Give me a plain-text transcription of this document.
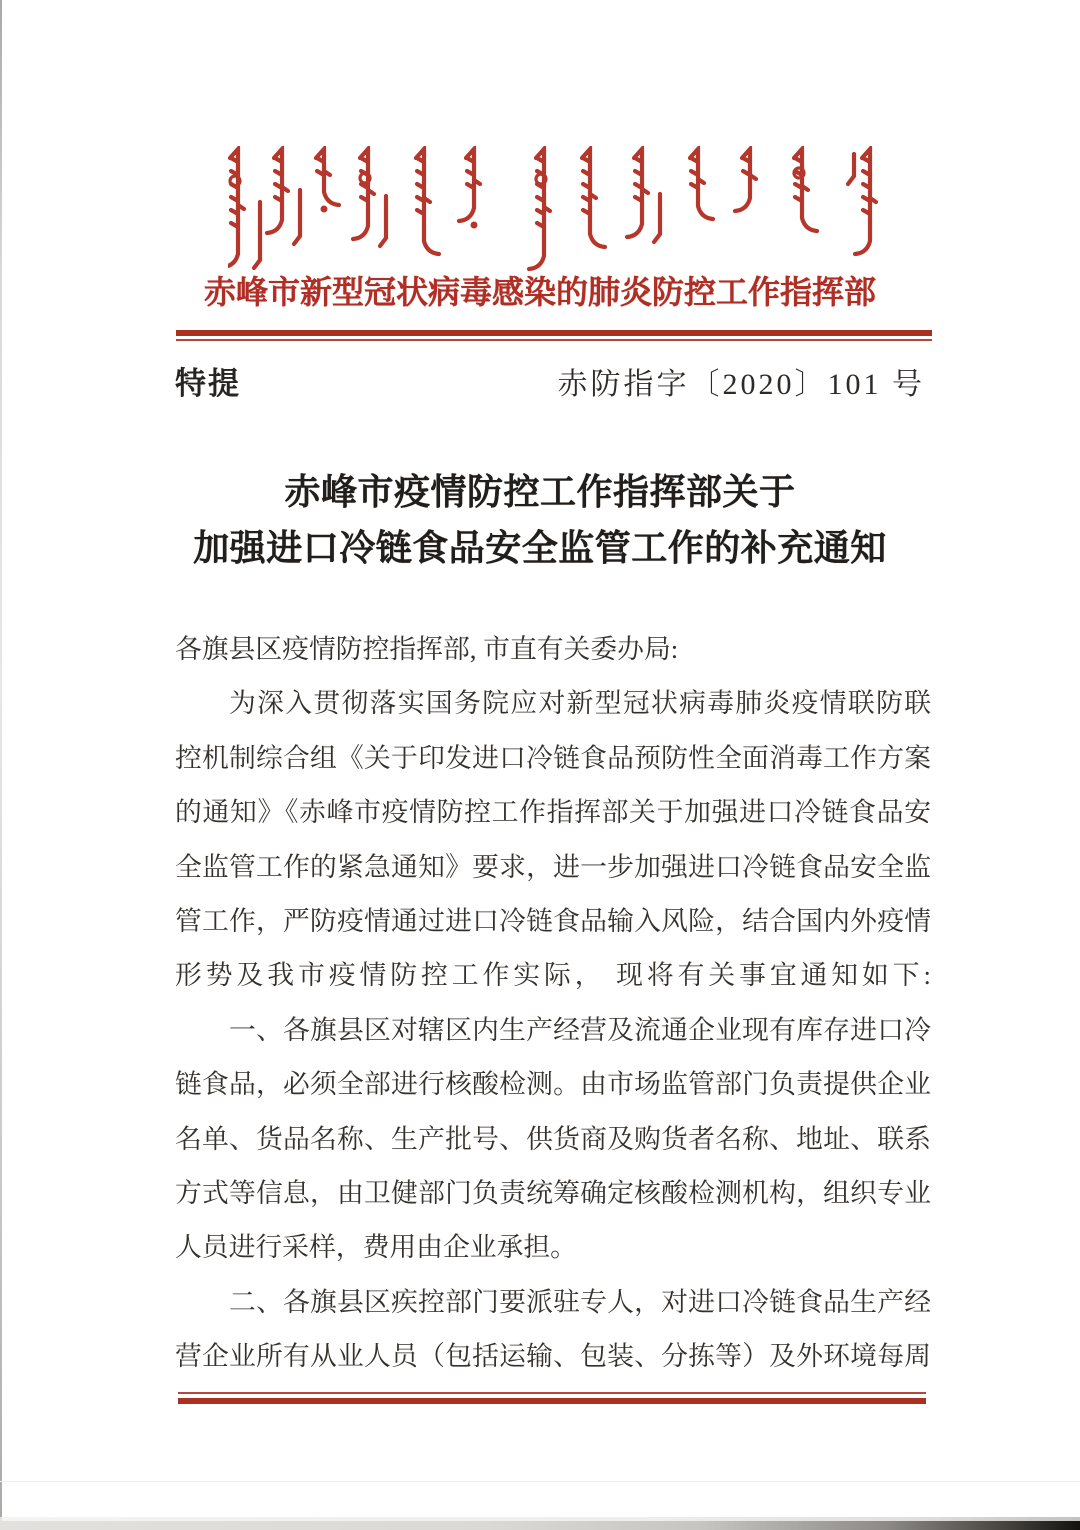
赤峰市新型冠状病毒感染的肺炎防控工作指挥部
特提	赤防指字〔2020〕101 号
赤峰市疫情防控工作指挥部关于
加强进口冷链食品安全监管工作的补充通知
各旗县区疫情防控指挥部, 市直有关委办局:
为深入贯彻落实国务院应对新型冠状病毒肺炎疫情联防联
控机制综合组《关于印发进口冷链食品预防性全面消毒工作方案
的通知》《赤峰市疫情防控工作指挥部关于加强进口冷链食品安
全监管工作的紧急通知》要求，进一步加强进口冷链食品安全监
管工作，严防疫情通过进口冷链食品输入风险，结合国内外疫情
形势及我市疫情防控工作实际， 现将有关事宜通知如下:
一、各旗县区对辖区内生产经营及流通企业现有库存进口冷
链食品，必须全部进行核酸检测。由市场监管部门负责提供企业
名单、货品名称、生产批号、供货商及购货者名称、地址、联系
方式等信息，由卫健部门负责统筹确定核酸检测机构，组织专业
人员进行采样，费用由企业承担。
二、各旗县区疾控部门要派驻专人，对进口冷链食品生产经
营企业所有从业人员（包括运输、包装、分拣等）及外环境每周
